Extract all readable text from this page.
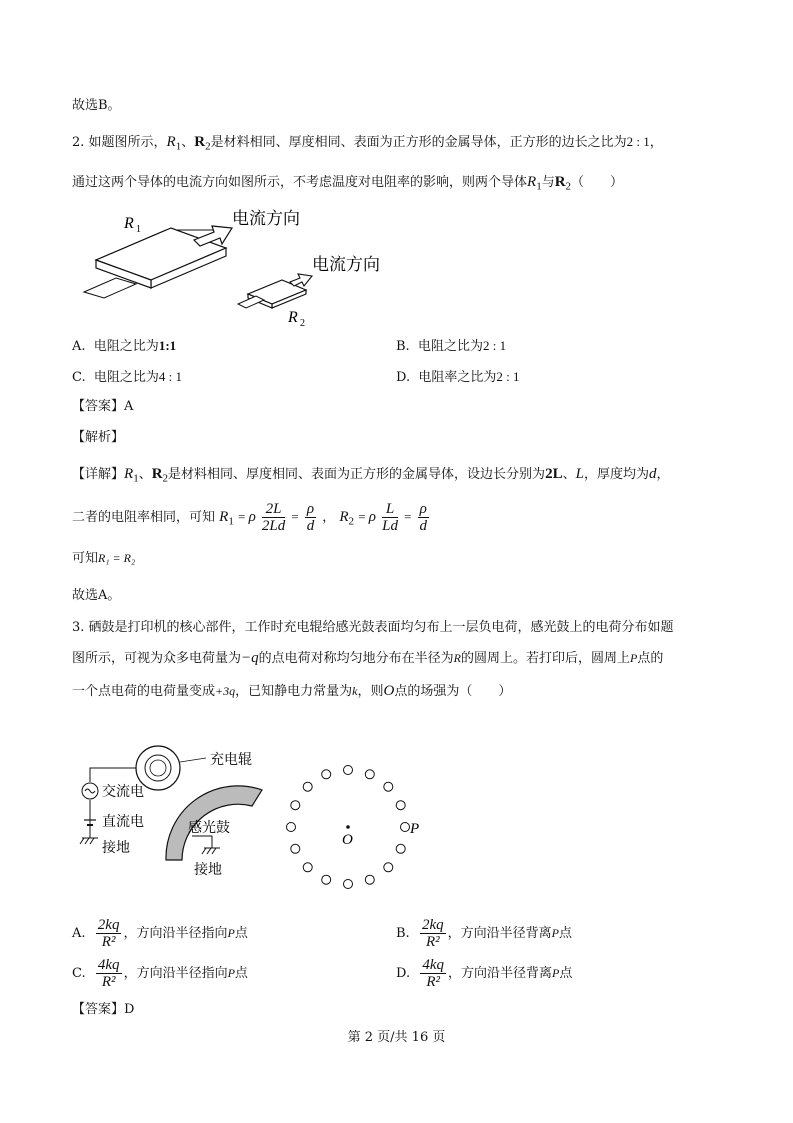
故选B。
2. 如题图所示，$R_1$、$R_2$是材料相同、厚度相同、表面为正方形的金属导体，正方形的边长之比为2 : 1，
通过这两个导体的电流方向如图所示，不考虑温度对电阻率的影响，则两个导体$R_1$与$R_2$（　　）
R 1
电流方向
电流方向
R 2
A. 电阻之比为1:1	B. 电阻之比为2 : 1
C. 电阻之比为4 : 1	D. 电阻率之比为2 : 1
【答案】A
【解析】
【详解】$R_1$、$R_2$是材料相同、厚度相同、表面为正方形的金属导体，设边长分别为2L、L，厚度均为d，
二者的电阻率相同，可知 $R_1 = \rho \frac{2L}{2Ld} = \frac{\rho}{d}$ ， $R_2 = \rho \frac{L}{Ld} = \frac{\rho}{d}$
可知R₁ = R₂
故选A。
3. 硒鼓是打印机的核心部件，工作时充电辊给感光鼓表面均匀布上一层负电荷，感光鼓上的电荷分布如题
图所示，可视为众多电荷量为−q的点电荷对称均匀地分布在半径为R的圆周上。若打印后，圆周上P点的
一个点电荷的电荷量变成+3q，已知静电力常量为k，则O点的场强为（　　）
充电辊
交流电
直流电
接地
感光鼓
接地
O
P
A. $\frac{2kq}{\text{R²}}$ ，方向沿半径指向P点	B. $\frac{2kq}{\text{R²}}$ ，方向沿半径背离P点
C. $\frac{4kq}{\text{R²}}$ ，方向沿半径指向P点	D. $\frac{4kq}{\text{R²}}$ ，方向沿半径背离P点
【答案】D
第 2 页/共 16 页
